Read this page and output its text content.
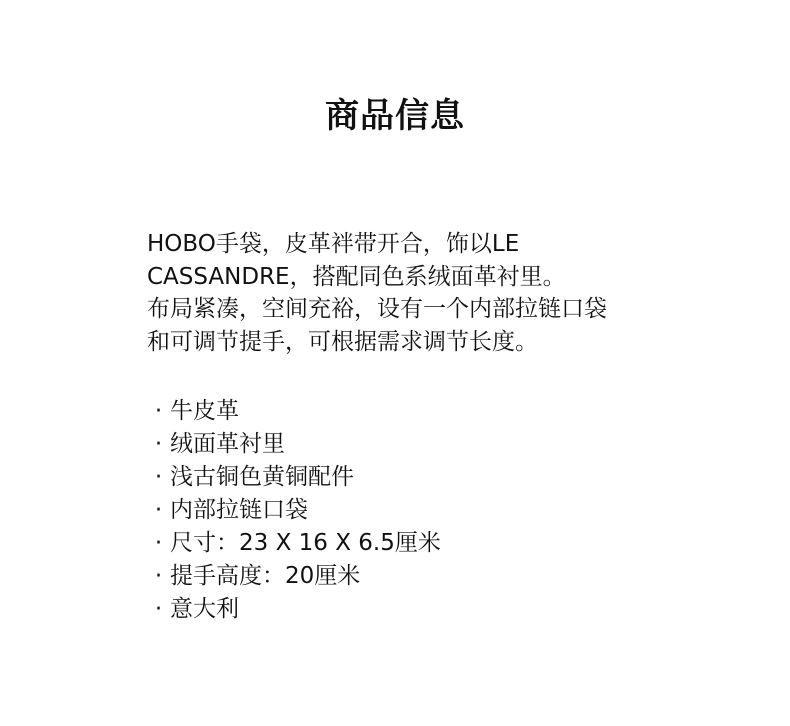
商品信息

HOBO手袋，皮革袢带开合，饰以LE
CASSANDRE，搭配同色系绒面革衬里。
布局紧凑，空间充裕，设有一个内部拉链口袋
和可调节提手，可根据需求调节长度。

· 牛皮革
· 绒面革衬里
· 浅古铜色黄铜配件
· 内部拉链口袋
· 尺寸：23 X 16 X 6.5厘米
· 提手高度：20厘米
· 意大利
